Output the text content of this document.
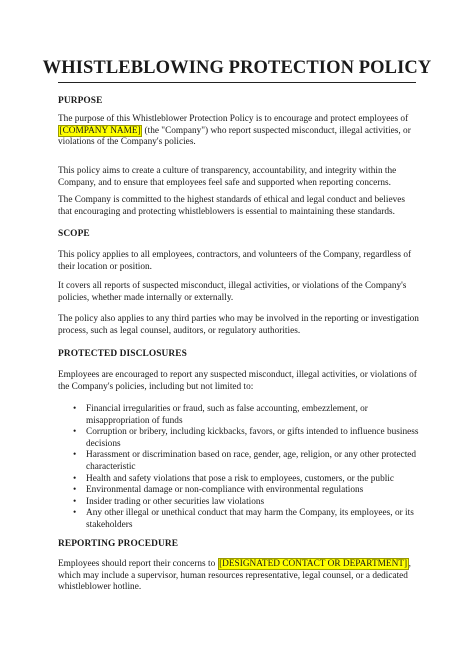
WHISTLEBLOWING PROTECTION POLICY
PURPOSE

The purpose of this Whistleblower Protection Policy is to encourage and protect employees of [COMPANY NAME] (the "Company") who report suspected misconduct, illegal activities, or violations of the Company's policies.

This policy aims to create a culture of transparency, accountability, and integrity within the Company, and to ensure that employees feel safe and supported when reporting concerns.

The Company is committed to the highest standards of ethical and legal conduct and believes that encouraging and protecting whistleblowers is essential to maintaining these standards.

SCOPE

This policy applies to all employees, contractors, and volunteers of the Company, regardless of their location or position.

It covers all reports of suspected misconduct, illegal activities, or violations of the Company's policies, whether made internally or externally.

The policy also applies to any third parties who may be involved in the reporting or investigation process, such as legal counsel, auditors, or regulatory authorities.

PROTECTED DISCLOSURES

Employees are encouraged to report any suspected misconduct, illegal activities, or violations of the Company's policies, including but not limited to:

• Financial irregularities or fraud, such as false accounting, embezzlement, or misappropriation of funds
• Corruption or bribery, including kickbacks, favors, or gifts intended to influence business decisions
• Harassment or discrimination based on race, gender, age, religion, or any other protected characteristic
• Health and safety violations that pose a risk to employees, customers, or the public
• Environmental damage or non-compliance with environmental regulations
• Insider trading or other securities law violations
• Any other illegal or unethical conduct that may harm the Company, its employees, or its stakeholders
REPORTING PROCEDURE

Employees should report their concerns to [DESIGNATED CONTACT OR DEPARTMENT] , which may include a supervisor, human resources representative, legal counsel, or a dedicated whistleblower hotline.
